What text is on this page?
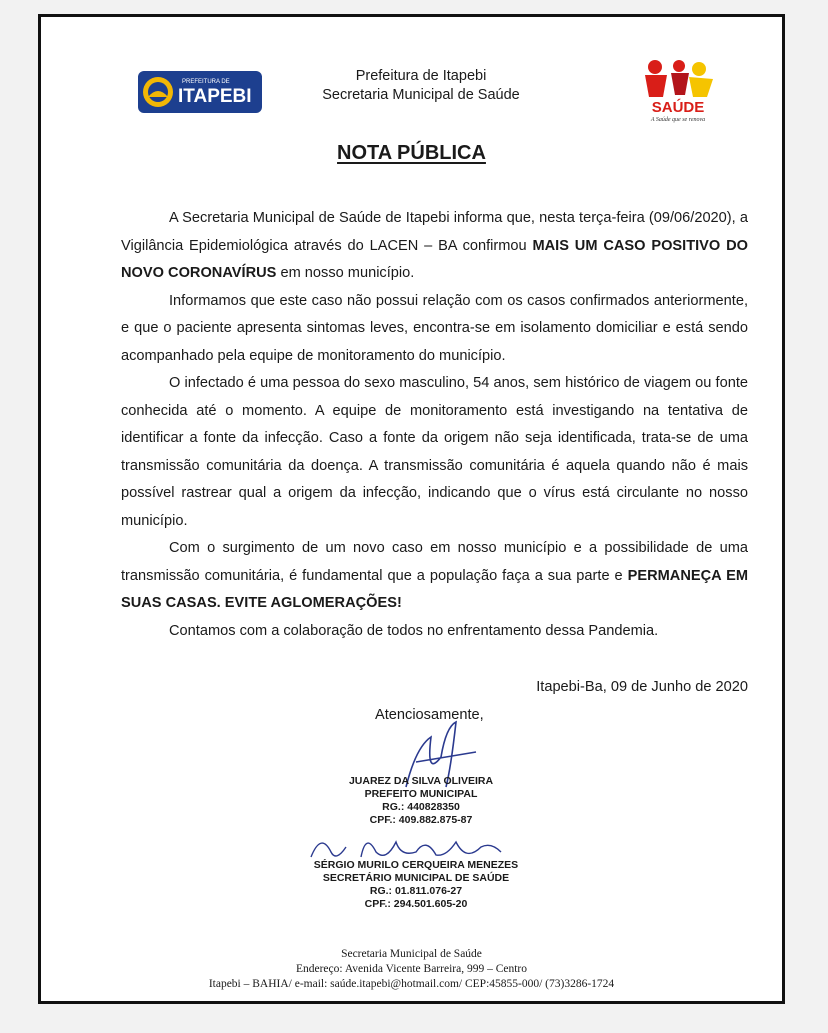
PREFEITURA DE
ITAPEBI
Prefeitura de Itapebi
Secretaria Municipal de Saúde
SAÚDE
A Saúde que se renova
NOTA PÚBLICA

A Secretaria Municipal de Saúde de Itapebi informa que, nesta terça-feira (09/06/2020), a Vigilância Epidemiológica através do LACEN – BA confirmou MAIS UM CASO POSITIVO DO NOVO CORONAVÍRUS em nosso município.

Informamos que este caso não possui relação com os casos confirmados anteriormente, e que o paciente apresenta sintomas leves, encontra-se em isolamento domiciliar e está sendo acompanhado pela equipe de monitoramento do município.

O infectado é uma pessoa do sexo masculino, 54 anos, sem histórico de viagem ou fonte conhecida até o momento. A equipe de monitoramento está investigando na tentativa de identificar a fonte da infecção. Caso a fonte da origem não seja identificada, trata-se de uma transmissão comunitária da doença. A transmissão comunitária é aquela quando não é mais possível rastrear qual a origem da infecção, indicando que o vírus está circulante no nosso município.

Com o surgimento de um novo caso em nosso município e a possibilidade de uma transmissão comunitária, é fundamental que a população faça a sua parte e PERMANEÇA EM SUAS CASAS. EVITE AGLOMERAÇÕES!

Contamos com a colaboração de todos no enfrentamento dessa Pandemia.

Itapebi-Ba, 09 de Junho de 2020
Atenciosamente,
JUAREZ DA SILVA OLIVEIRA
PREFEITO MUNICIPAL
RG.: 440828350
CPF.: 409.882.875-87
SÉRGIO MURILO CERQUEIRA MENEZES
SECRETÁRIO MUNICIPAL DE SAÚDE
RG.: 01.811.076-27
CPF.: 294.501.605-20
Secretaria Municipal de Saúde
Endereço: Avenida Vicente Barreira, 999 – Centro
Itapebi – BAHIA/ e-mail: saúde.itapebi@hotmail.com/ CEP:45855-000/ (73)3286-1724
